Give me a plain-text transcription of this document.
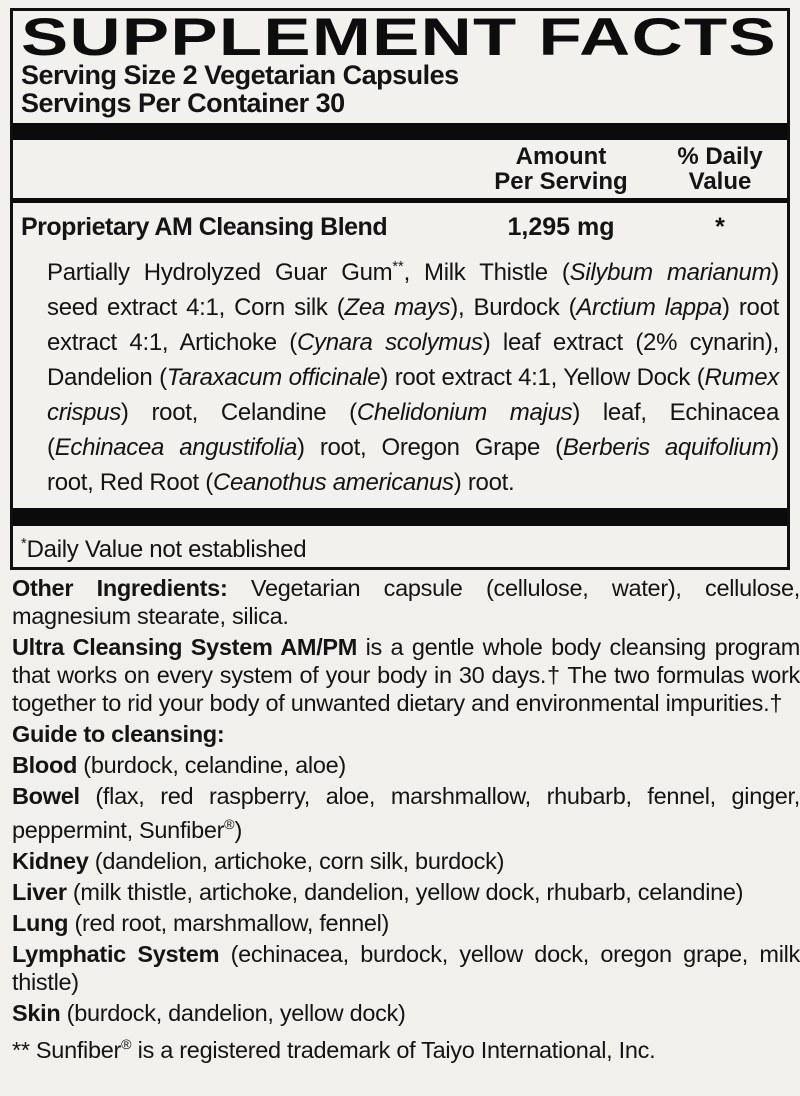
SUPPLEMENT FACTS
Serving Size 2 Vegetarian Capsules
Servings Per Container 30
Amount
Per Serving
% Daily
Value
Proprietary AM Cleansing Blend	1,295 mg	*
Partially Hydrolyzed Guar Gum**, Milk Thistle (Silybum marianum) seed extract 4:1, Corn silk (Zea mays), Burdock (Arctium lappa) root extract 4:1, Artichoke (Cynara scolymus) leaf extract (2% cynarin), Dandelion (Taraxacum officinale) root extract 4:1, Yellow Dock (Rumex crispus) root, Celandine (Chelidonium majus) leaf, Echinacea (Echinacea angustifolia) root, Oregon Grape (Berberis aquifolium) root, Red Root (Ceanothus americanus) root.
*Daily Value not established

Other Ingredients: Vegetarian capsule (cellulose, water), cellulose, magnesium stearate, silica.

Ultra Cleansing System AM/PM is a gentle whole body cleansing program that works on every system of your body in 30 days.† The two formulas work together to rid your body of unwanted dietary and environmental impurities.†

Guide to cleansing:

Blood (burdock, celandine, aloe)

Bowel (flax, red raspberry, aloe, marshmallow, rhubarb, fennel, ginger, peppermint, Sunfiber®)

Kidney (dandelion, artichoke, corn silk, burdock)

Liver (milk thistle, artichoke, dandelion, yellow dock, rhubarb, celandine)

Lung (red root, marshmallow, fennel)

Lymphatic System (echinacea, burdock, yellow dock, oregon grape, milk thistle)

Skin (burdock, dandelion, yellow dock)

** Sunfiber® is a registered trademark of Taiyo International, Inc.
